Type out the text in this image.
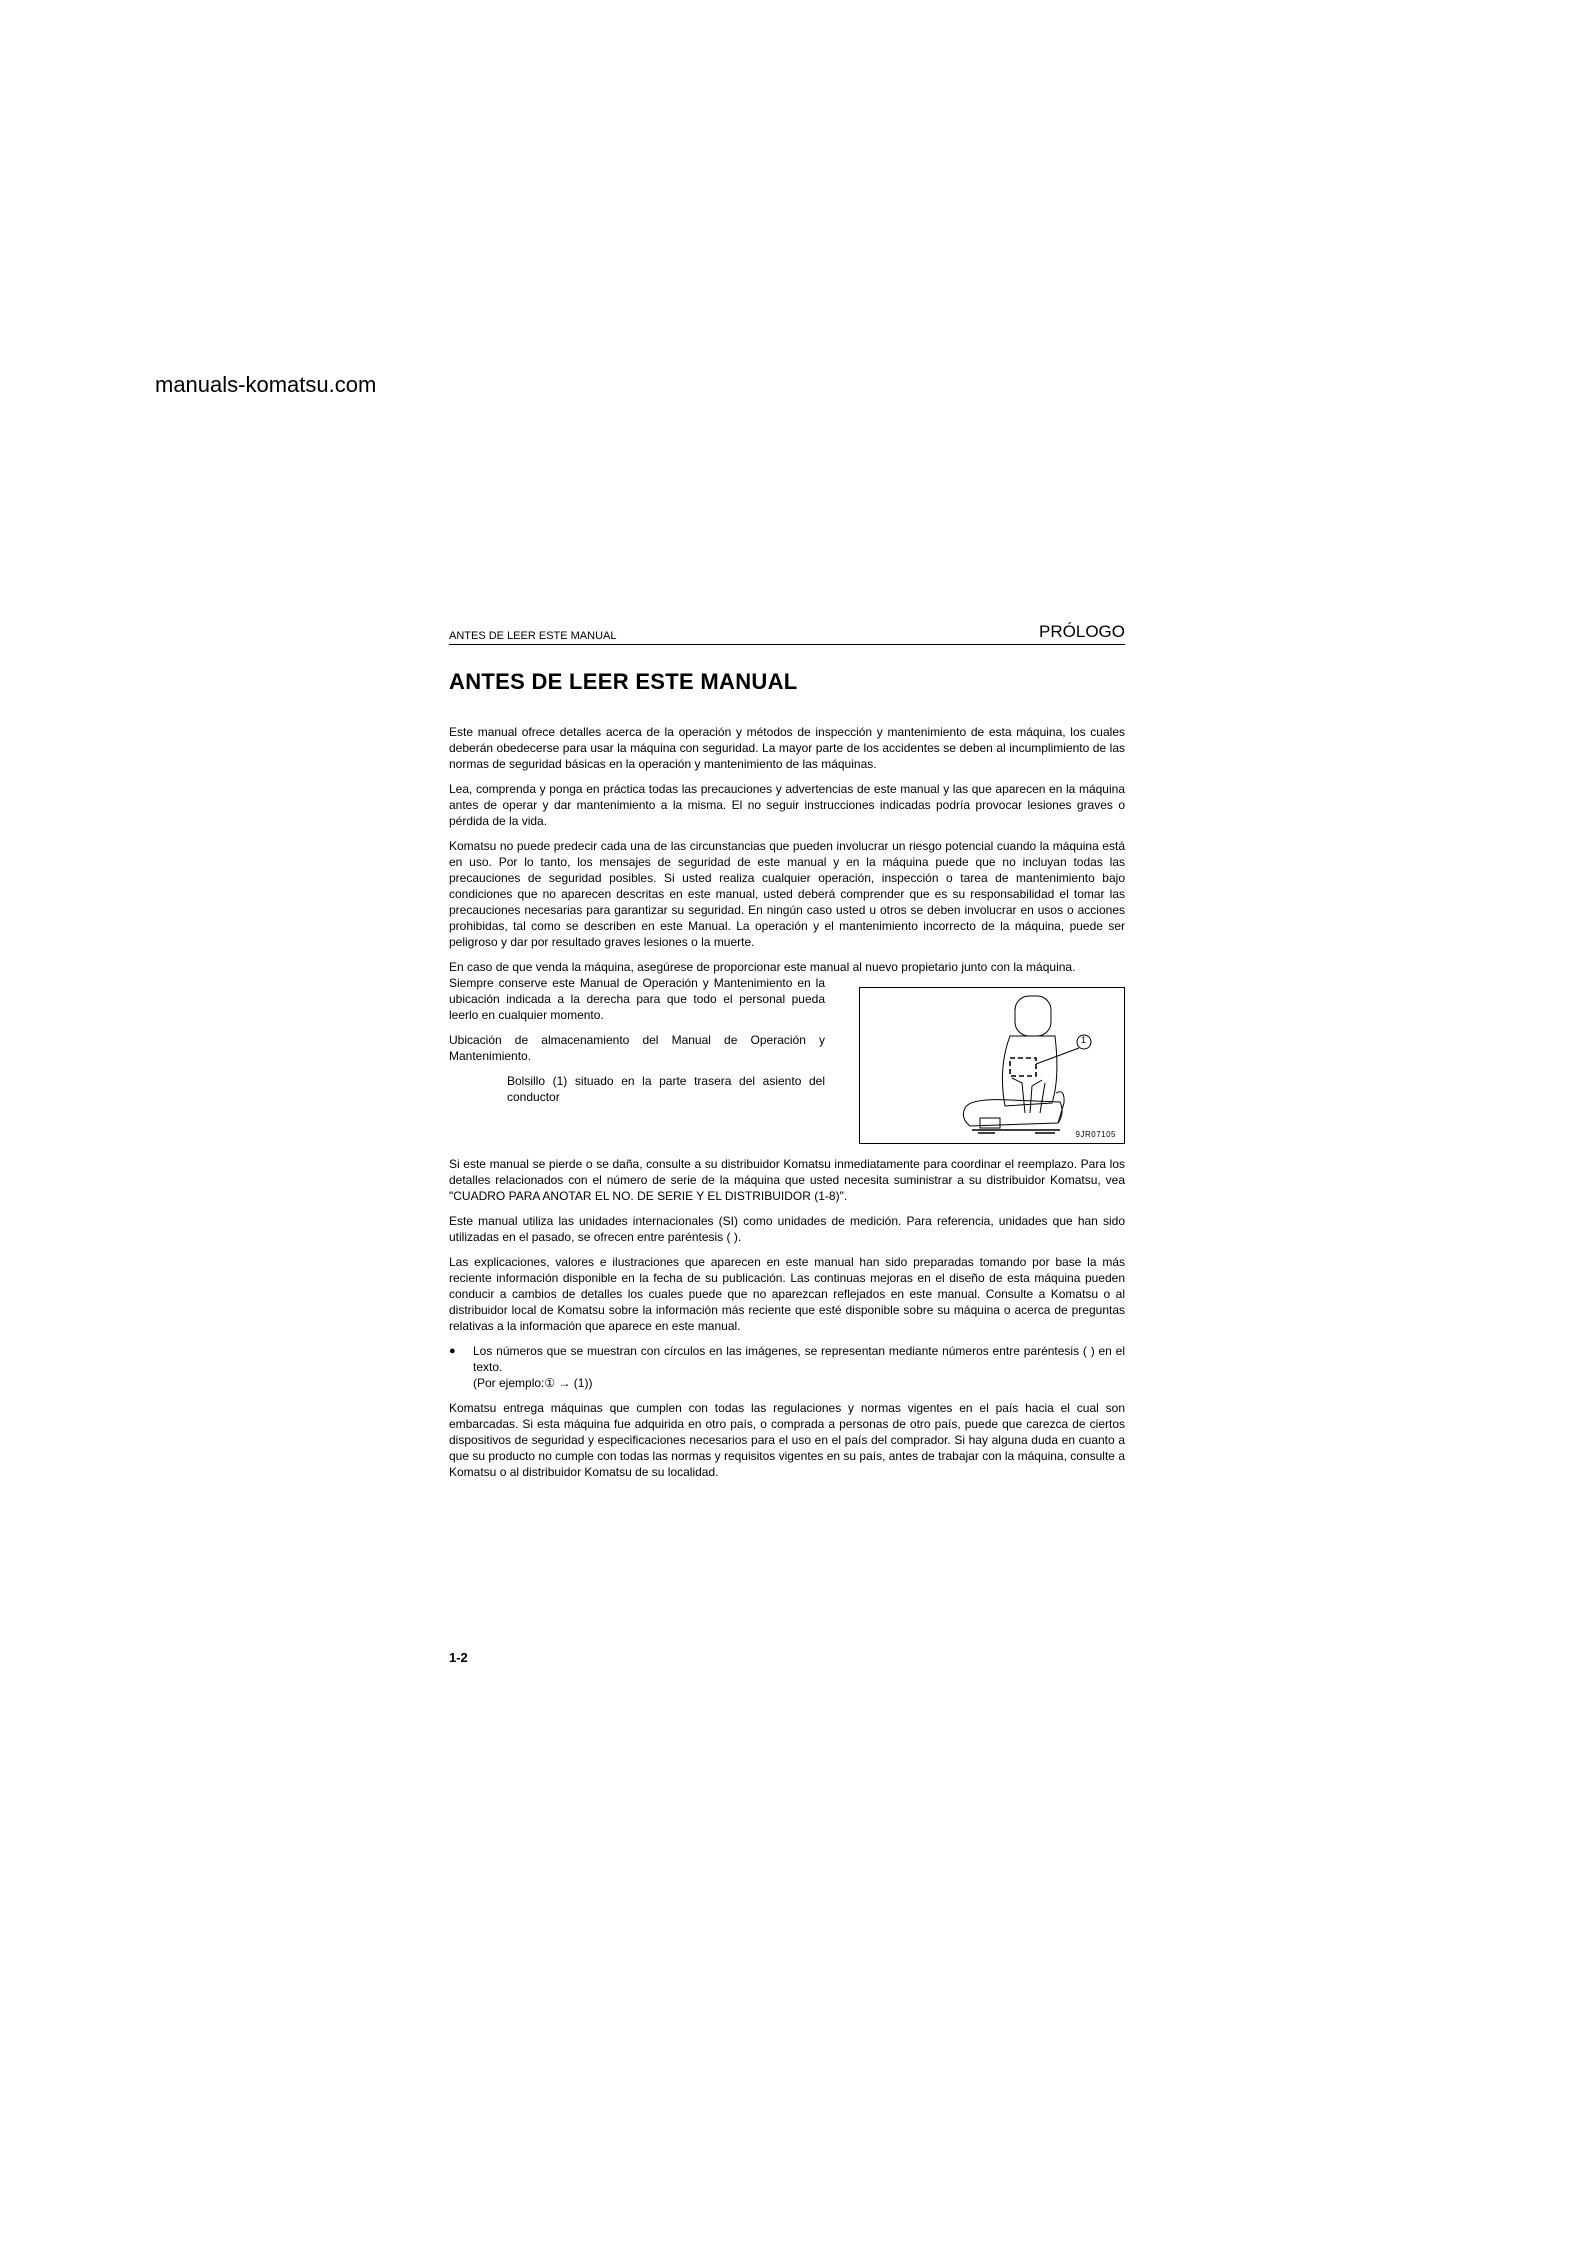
manuals-komatsu.com
ANTES DE LEER ESTE MANUAL	PRÓLOGO
ANTES DE LEER ESTE MANUAL

Este manual ofrece detalles acerca de la operación y métodos de inspección y mantenimiento de esta máquina, los cuales deberán obedecerse para usar la máquina con seguridad. La mayor parte de los accidentes se deben al incumplimiento de las normas de seguridad básicas en la operación y mantenimiento de las máquinas.

Lea, comprenda y ponga en práctica todas las precauciones y advertencias de este manual y las que aparecen en la máquina antes de operar y dar mantenimiento a la misma. El no seguir instrucciones indicadas podría provocar lesiones graves o pérdida de la vida.

Komatsu no puede predecir cada una de las circunstancias que pueden involucrar un riesgo potencial cuando la máquina está en uso. Por lo tanto, los mensajes de seguridad de este manual y en la máquina puede que no incluyan todas las precauciones de seguridad posibles. Si usted realiza cualquier operación, inspección o tarea de mantenimiento bajo condiciones que no aparecen descritas en este manual, usted deberá comprender que es su responsabilidad el tomar las precauciones necesarias para garantizar su seguridad. En ningún caso usted u otros se deben involucrar en usos o acciones prohibidas, tal como se describen en este Manual. La operación y el mantenimiento incorrecto de la máquina, puede ser peligroso y dar por resultado graves lesiones o la muerte.

En caso de que venda la máquina, asegúrese de proporcionar este manual al nuevo propietario junto con la máquina.

Siempre conserve este Manual de Operación y Mantenimiento en la ubicación indicada a la derecha para que todo el personal pueda leerlo en cualquier momento.

Ubicación de almacenamiento del Manual de Operación y Mantenimiento.

Bolsillo (1) situado en la parte trasera del asiento del conductor

1
9JR07105

Si este manual se pierde o se daña, consulte a su distribuidor Komatsu inmediatamente para coordinar el reemplazo. Para los detalles relacionados con el número de serie de la máquina que usted necesita suministrar a su distribuidor Komatsu, vea "CUADRO PARA ANOTAR EL NO. DE SERIE Y EL DISTRIBUIDOR (1-8)".

Este manual utiliza las unidades internacionales (SI) como unidades de medición. Para referencia, unidades que han sido utilizadas en el pasado, se ofrecen entre paréntesis ( ).

Las explicaciones, valores e ilustraciones que aparecen en este manual han sido preparadas tomando por base la más reciente información disponible en la fecha de su publicación. Las continuas mejoras en el diseño de esta máquina pueden conducir a cambios de detalles los cuales puede que no aparezcan reflejados en este manual. Consulte a Komatsu o al distribuidor local de Komatsu sobre la información más reciente que esté disponible sobre su máquina o acerca de preguntas relativas a la información que aparece en este manual.

●	Los números que se muestran con círculos en las imágenes, se representan mediante números entre paréntesis ( ) en el texto.
(Por ejemplo:① → (1))

Komatsu entrega máquinas que cumplen con todas las regulaciones y normas vigentes en el país hacia el cual son embarcadas. Si esta máquina fue adquirida en otro país, o comprada a personas de otro país, puede que carezca de ciertos dispositivos de seguridad y especificaciones necesarios para el uso en el país del comprador. Si hay alguna duda en cuanto a que su producto no cumple con todas las normas y requisitos vigentes en su país, antes de trabajar con la máquina, consulte a Komatsu o al distribuidor Komatsu de su localidad.

1-2
